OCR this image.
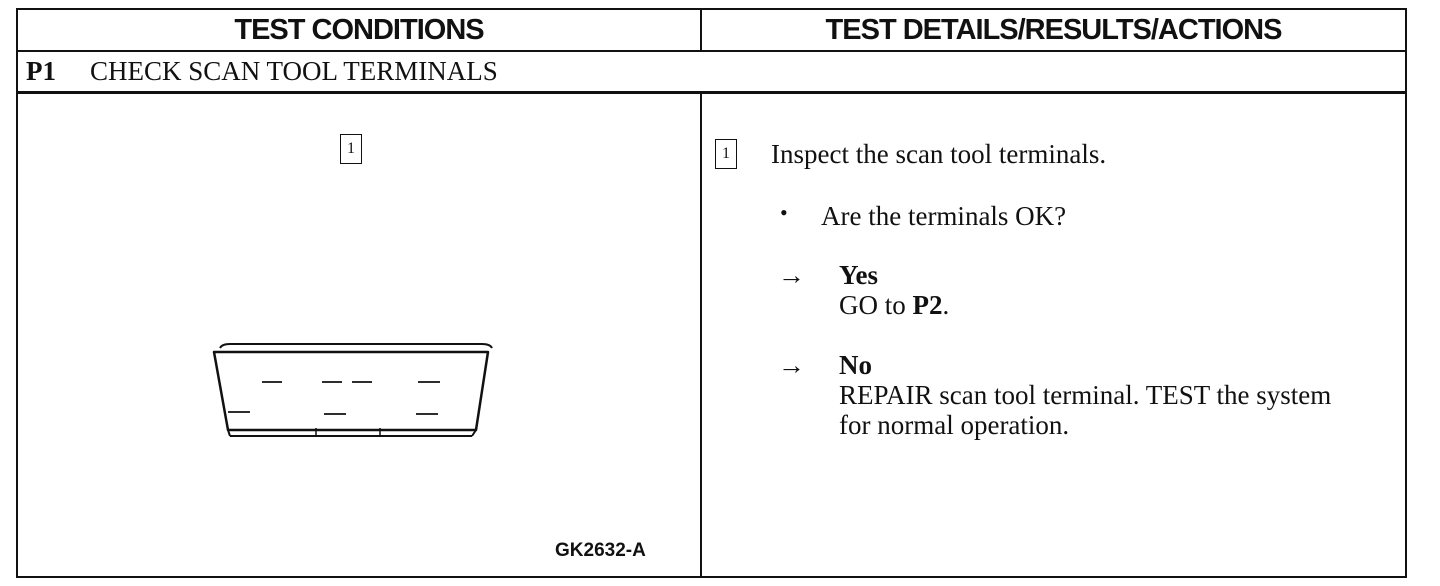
TEST CONDITIONS	TEST DETAILS/RESULTS/ACTIONS
P1	CHECK SCAN TOOL TERMINALS
1
GK2632-A
1 Inspect the scan tool terminals.
• Are the terminals OK?
→ Yes
GO to P2.
→ No
REPAIR scan tool terminal. TEST the system
for normal operation.
